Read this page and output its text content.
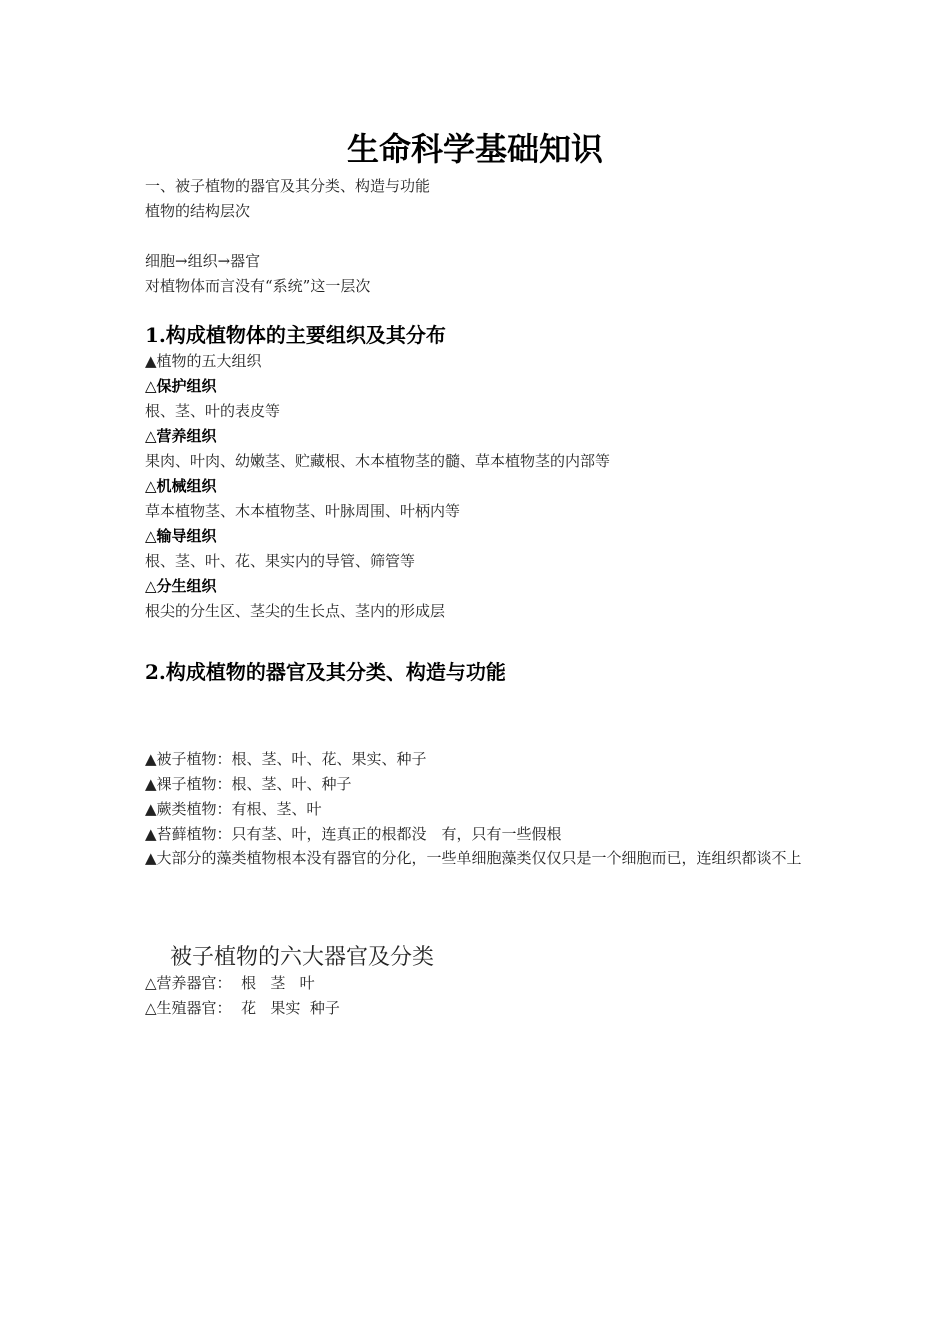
生命科学基础知识
一、被子植物的器官及其分类、构造与功能
植物的结构层次
细胞→组织→器官
对植物体而言没有“系统”这一层次
1.构成植物体的主要组织及其分布
▲植物的五大组织
△保护组织
根、茎、叶的表皮等
△营养组织
果肉、叶肉、幼嫩茎、贮藏根、木本植物茎的髓、草本植物茎的内部等
△机械组织
草本植物茎、木本植物茎、叶脉周围、叶柄内等
△输导组织
根、茎、叶、花、果实内的导管、筛管等
△分生组织
根尖的分生区、茎尖的生长点、茎内的形成层
2.构成植物的器官及其分类、构造与功能
▲被子植物：根、茎、叶、花、果实、种子
▲裸子植物：根、茎、叶、种子
▲蕨类植物：有根、茎、叶
▲苔藓植物：只有茎、叶，连真正的根都没　有，只有一些假根
▲大部分的藻类植物根本没有器官的分化，一些单细胞藻类仅仅只是一个细胞而已，连组织都谈不上
被子植物的六大器官及分类
△营养器官：  根   茎   叶
△生殖器官：  花   果实  种子
